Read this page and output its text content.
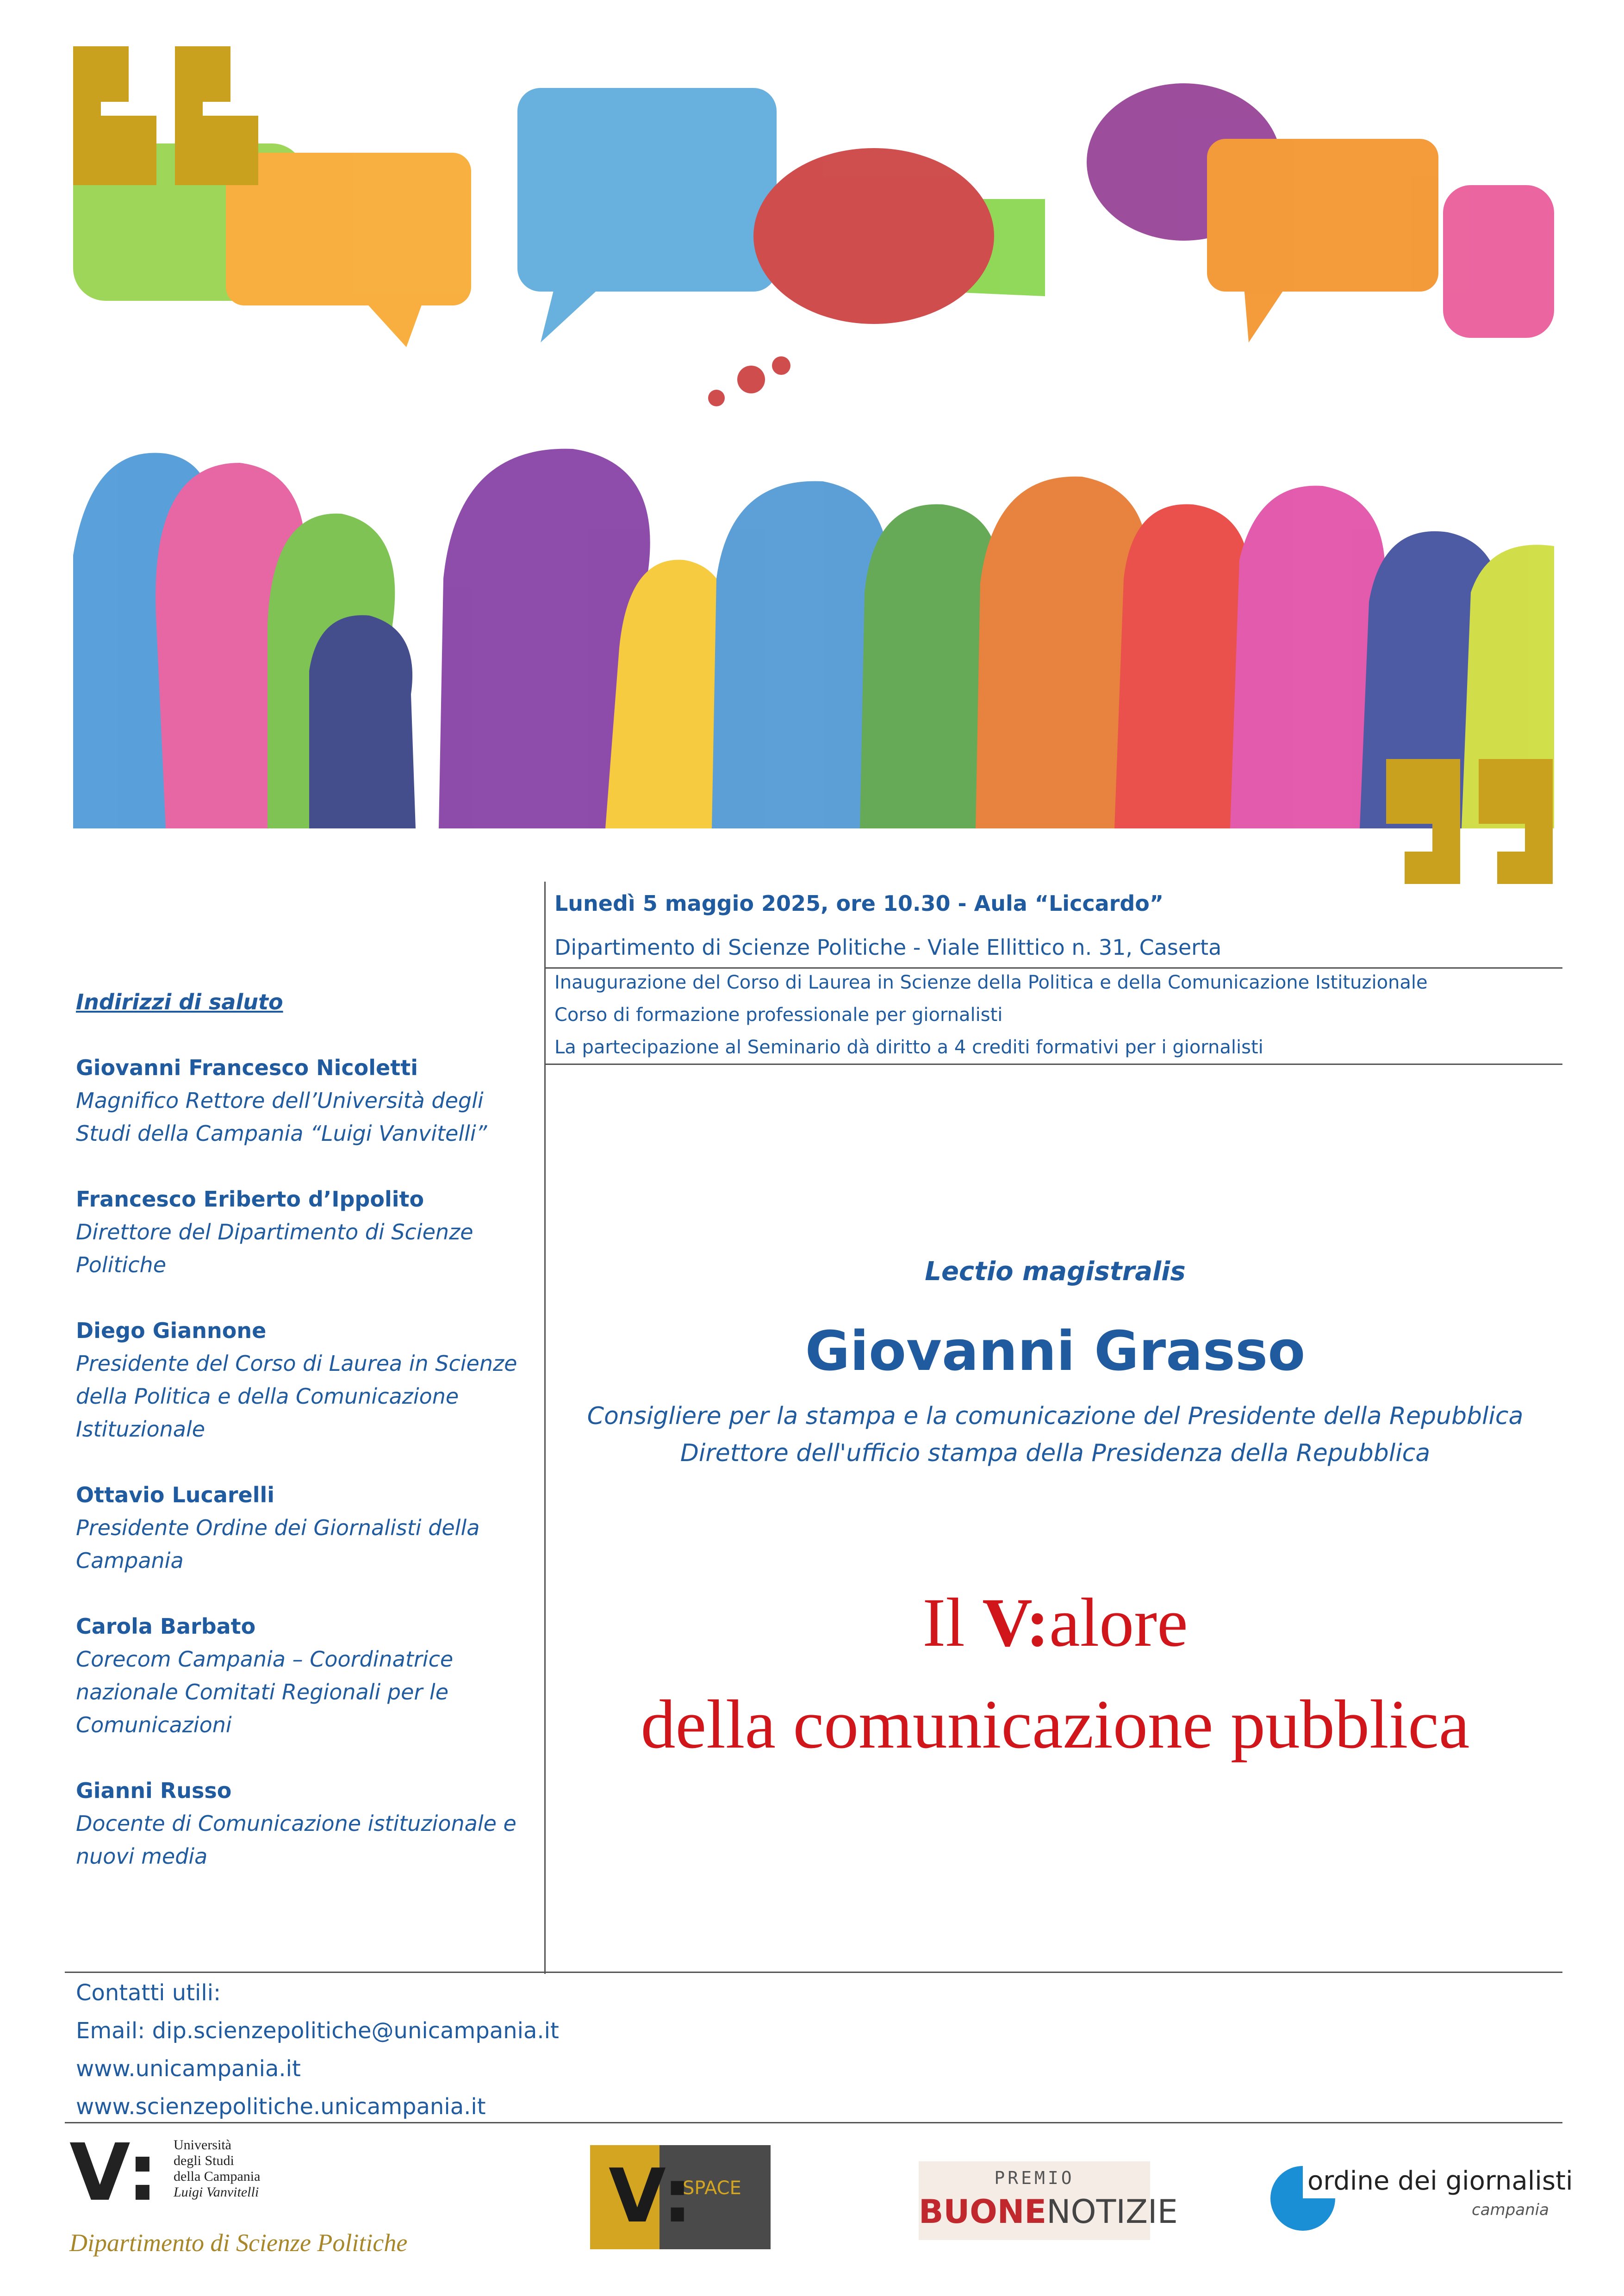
Lunedì 5 maggio 2025, ore 10.30 - Aula “Liccardo”
Dipartimento di Scienze Politiche - Viale Ellittico n. 31, Caserta
Inaugurazione del Corso di Laurea in Scienze della Politica e della Comunicazione Istituzionale
Corso di formazione professionale per giornalisti
La partecipazione al Seminario dà diritto a 4 crediti formativi per i giornalisti
Indirizzi di saluto
Giovanni Francesco Nicoletti
Magnifico Rettore dell’Università degli
Studi della Campania “Luigi Vanvitelli”
Francesco Eriberto d’Ippolito
Direttore del Dipartimento di Scienze
Politiche
Diego Giannone
Presidente del Corso di Laurea in Scienze
della Politica e della Comunicazione
Istituzionale
Ottavio Lucarelli
Presidente Ordine dei Giornalisti della
Campania
Carola Barbato
Corecom Campania – Coordinatrice
nazionale Comitati Regionali per le
Comunicazioni
Gianni Russo
Docente di Comunicazione istituzionale e
nuovi media
Lectio magistralis
Giovanni Grasso
Consigliere per la stampa e la comunicazione del Presidente della Repubblica
Direttore dell'ufficio stampa della Presidenza della Repubblica
Il V:alore
della comunicazione pubblica
Contatti utili:
Email: dip.scienzepolitiche@unicampania.it
www.unicampania.it
www.scienzepolitiche.unicampania.it
V: Università
degli Studi
della Campania
Luigi Vanvitelli
Dipartimento di Scienze Politiche
V:
SPACE	PREMIO
BUONENOTIZIE
ordine dei giornalisti
campania
